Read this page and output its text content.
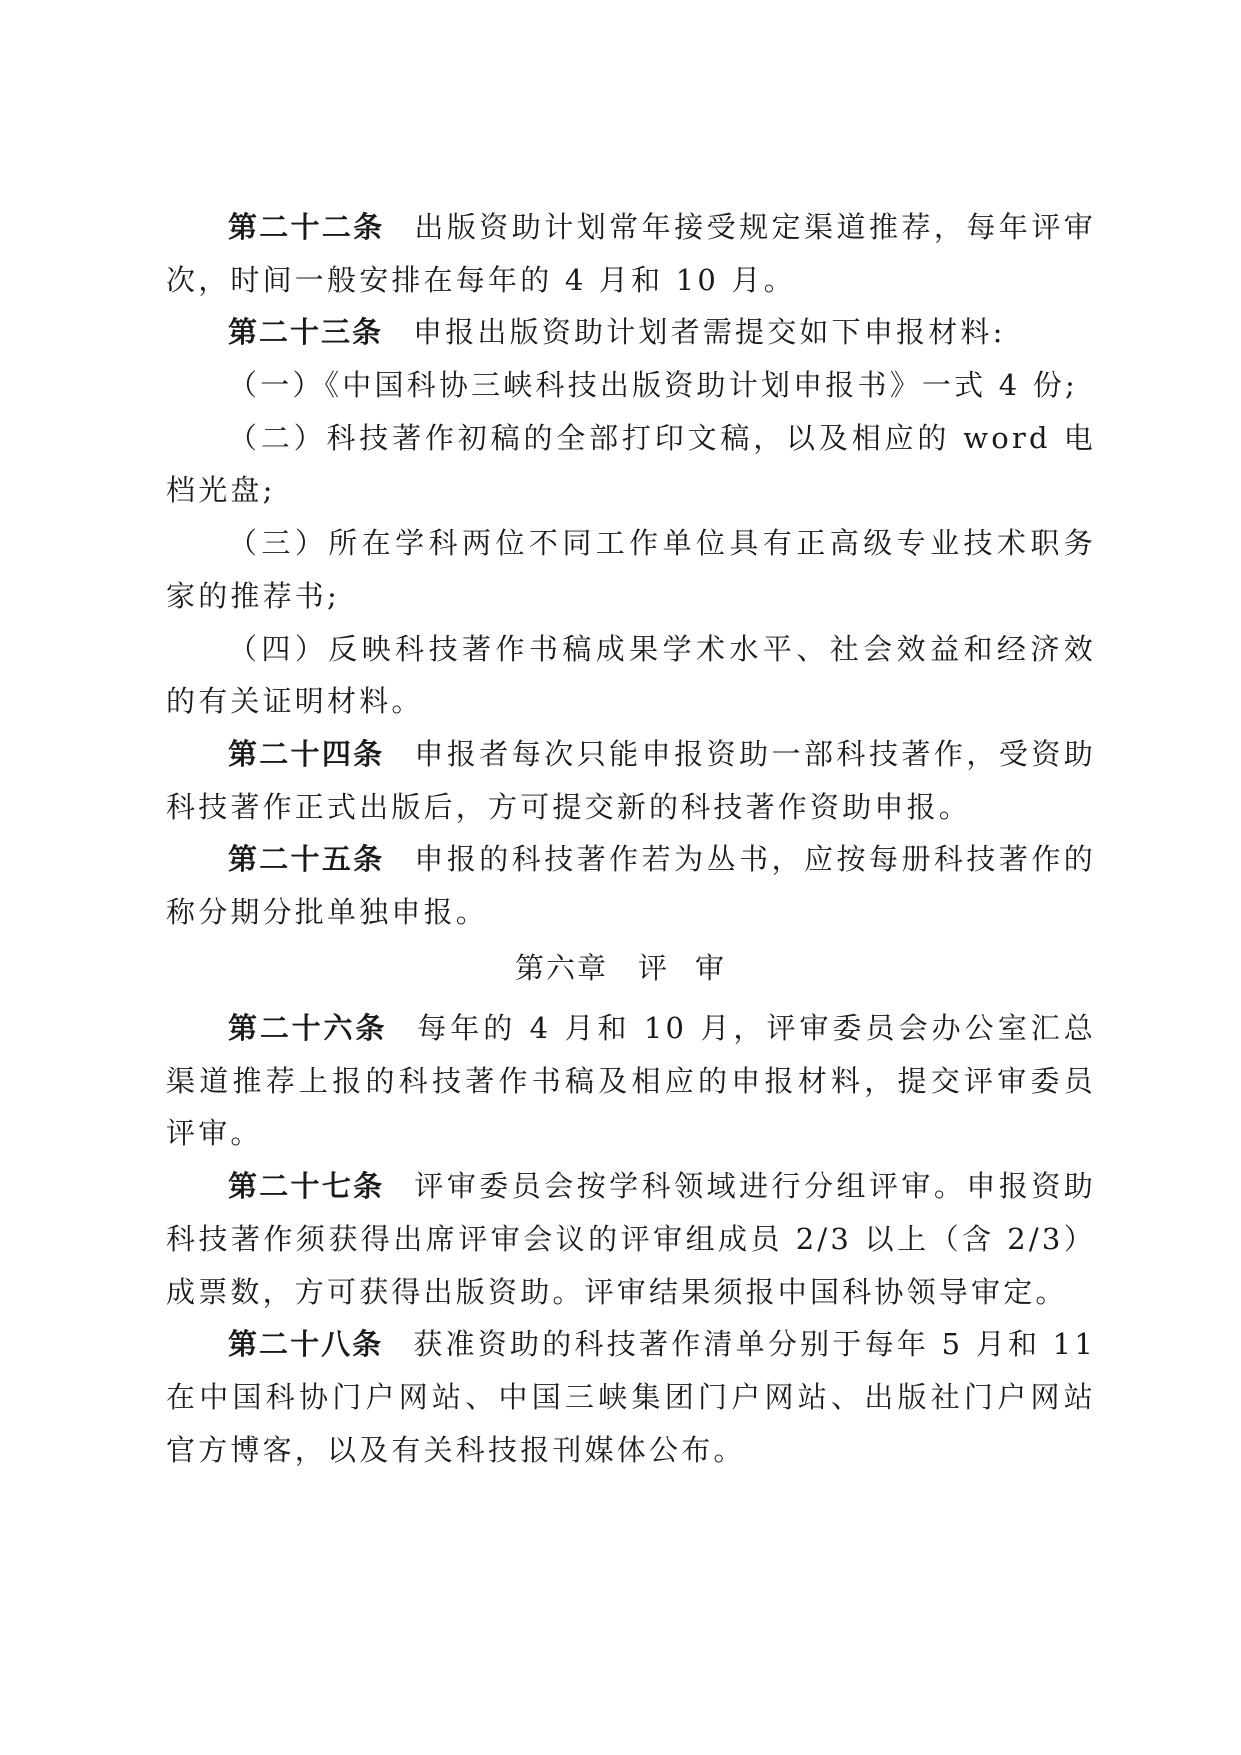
第二十二条 出版资助计划常年接受规定渠道推荐，每年评审
次，时间一般安排在每年的 4 月和 10 月。
第二十三条 申报出版资助计划者需提交如下申报材料:
（一）《中国科协三峡科技出版资助计划申报书》一式 4 份;
（二）科技著作初稿的全部打印文稿，以及相应的 word 电
档光盘;
（三）所在学科两位不同工作单位具有正高级专业技术职务
家的推荐书;
（四）反映科技著作书稿成果学术水平、社会效益和经济效
的有关证明材料。
第二十四条 申报者每次只能申报资助一部科技著作，受资助
科技著作正式出版后，方可提交新的科技著作资助申报。
第二十五条 申报的科技著作若为丛书，应按每册科技著作的
称分期分批单独申报。
第六章 评 审
第二十六条 每年的 4 月和 10 月，评审委员会办公室汇总
渠道推荐上报的科技著作书稿及相应的申报材料，提交评审委员
评审。
第二十七条 评审委员会按学科领域进行分组评审。申报资助
科技著作须获得出席评审会议的评审组成员 2/3 以上（含 2/3）
成票数，方可获得出版资助。评审结果须报中国科协领导审定。
第二十八条 获准资助的科技著作清单分别于每年 5 月和 11
在中国科协门户网站、中国三峡集团门户网站、出版社门户网站
官方博客，以及有关科技报刊媒体公布。
